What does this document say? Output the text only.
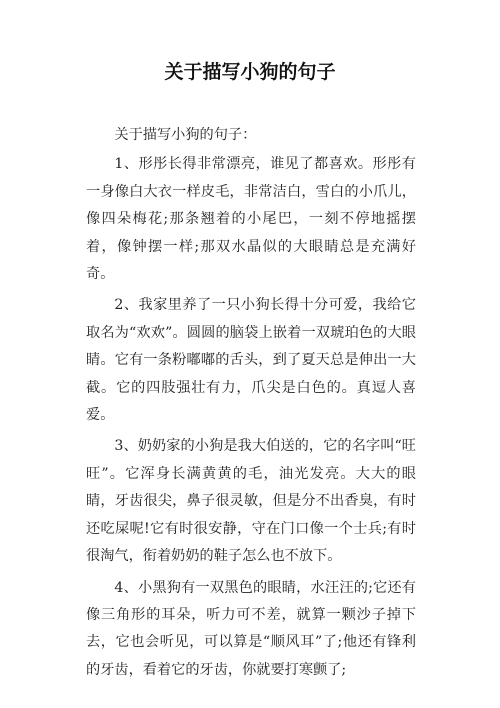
关于描写小狗的句子

关于描写小狗的句子：

1、形彤长得非常漂亮，谁见了都喜欢。形彤有一身像白大衣一样皮毛，非常洁白，雪白的小爪儿，像四朵梅花;那条翘着的小尾巴，一刻不停地摇摆着，像钟摆一样;那双水晶似的大眼睛总是充满好奇。

2、我家里养了一只小狗长得十分可爱，我给它取名为“欢欢”。圆圆的脑袋上嵌着一双琥珀色的大眼睛。它有一条粉嘟嘟的舌头，到了夏天总是伸出一大截。它的四肢强壮有力，爪尖是白色的。真逗人喜爱。

3、奶奶家的小狗是我大伯送的，它的名字叫“旺旺”。它浑身长满黄黄的毛，油光发亮。大大的眼睛，牙齿很尖，鼻子很灵敏，但是分不出香臭，有时还吃屎呢!它有时很安静，守在门口像一个士兵;有时很淘气，衔着奶奶的鞋子怎么也不放下。

4、小黑狗有一双黑色的眼睛，水汪汪的;它还有像三角形的耳朵，听力可不差，就算一颗沙子掉下去，它也会听见，可以算是“顺风耳”了;他还有锋利的牙齿，看着它的牙齿，你就要打寒颤了;
